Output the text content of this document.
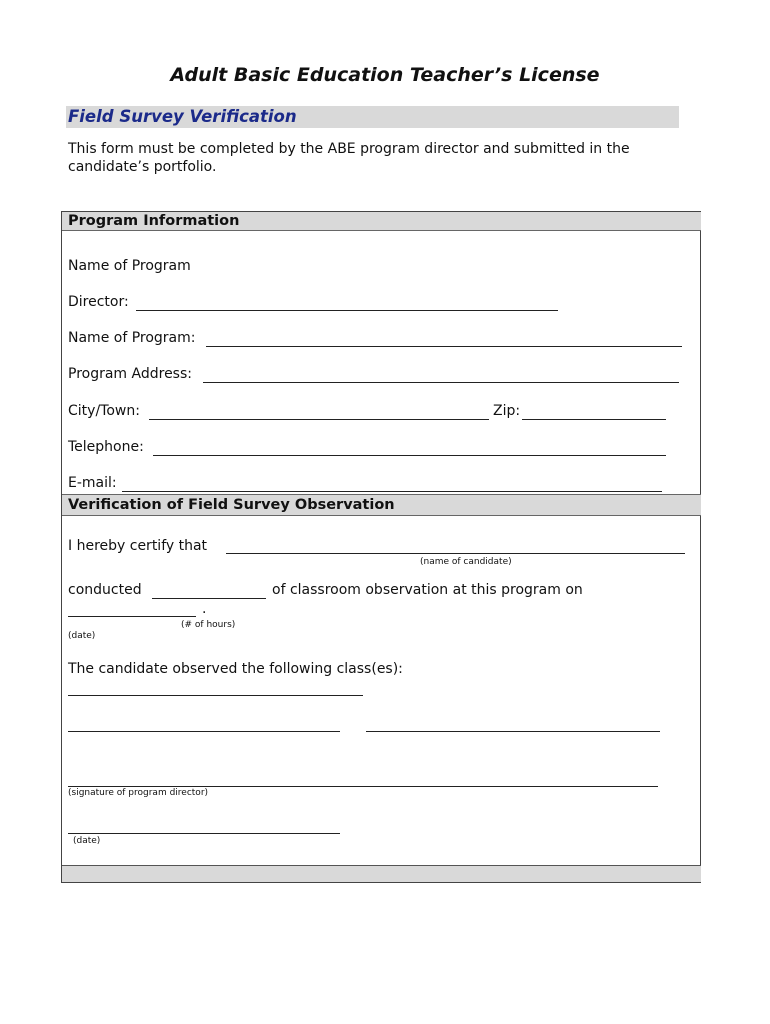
Adult Basic Education Teacher’s License
Field Survey Verification
This form must be completed by the ABE program director and submitted in the candidate’s portfolio.
Program Information
Name of Program
Director:
Name of Program:
Program Address:
City/Town:	Zip:
Telephone:
E-mail:
Verification of Field Survey Observation
I hereby certify that
(name of candidate)
conducted	of classroom observation at this program on
.
(# of hours)
(date)
The candidate observed the following class(es):
(signature of program director)
(date)
